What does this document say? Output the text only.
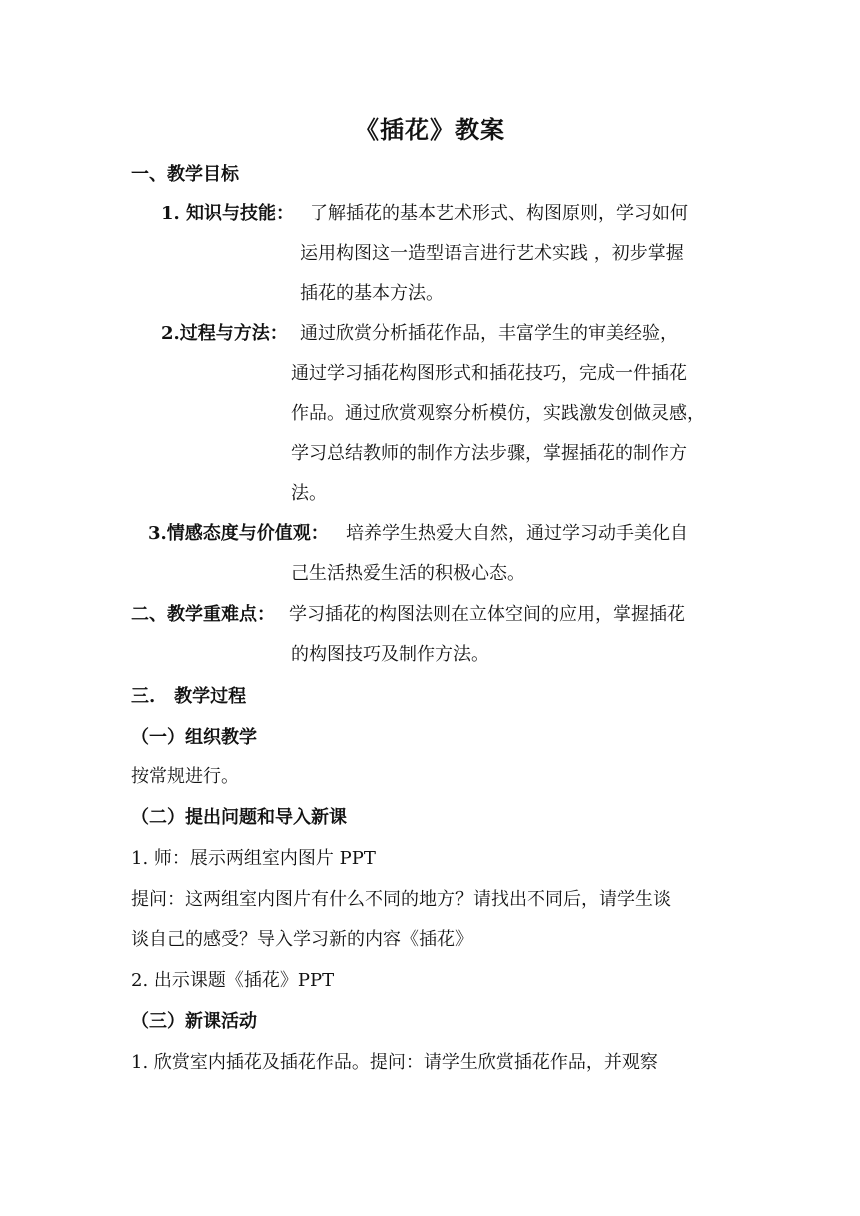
《插花》教案
一、教学目标
1. 知识与技能： 了解插花的基本艺术形式、构图原则，学习如何
运用构图这一造型语言进行艺术实践 ，初步掌握
插花的基本方法。
2.过程与方法： 通过欣赏分析插花作品，丰富学生的审美经验，
通过学习插花构图形式和插花技巧，完成一件插花
作品。通过欣赏观察分析模仿，实践激发创做灵感，
学习总结教师的制作方法步骤，掌握插花的制作方
法。
3.情感态度与价值观： 培养学生热爱大自然，通过学习动手美化自
己生活热爱生活的积极心态。
二、教学重难点： 学习插花的构图法则在立体空间的应用，掌握插花
的构图技巧及制作方法。
三.   教学过程
（一）组织教学
按常规进行。
（二）提出问题和导入新课
1. 师：展示两组室内图片 PPT
提问：这两组室内图片有什么不同的地方？请找出不同后，请学生谈
谈自己的感受？导入学习新的内容《插花》
2. 出示课题《插花》PPT
（三）新课活动
1. 欣赏室内插花及插花作品。提问：请学生欣赏插花作品，并观察
